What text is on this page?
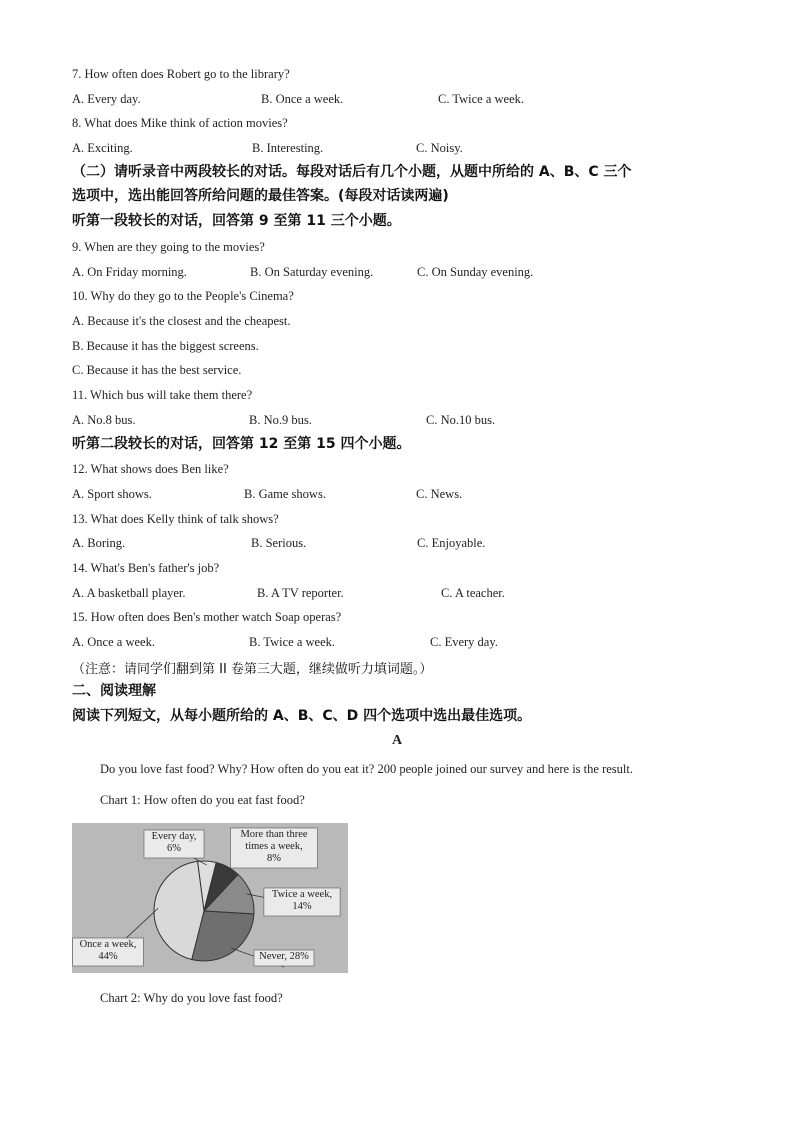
7. How often does Robert go to the library?
A. Every day.	B. Once a week.	C. Twice a week.
8. What does Mike think of action movies?
A. Exciting.	B. Interesting.	C. Noisy.
（二）请听录音中两段较长的对话。每段对话后有几个小题，从题中所给的 A、B、C 三个
选项中，选出能回答所给问题的最佳答案。(每段对话读两遍)
听第一段较长的对话，回答第 9 至第 11 三个小题。
9. When are they going to the movies?
A. On Friday morning.	B. On Saturday evening.	C. On Sunday evening.
10. Why do they go to the People's Cinema?
A. Because it's the closest and the cheapest.
B. Because it has the biggest screens.
C. Because it has the best service.
11. Which bus will take them there?
A. No.8 bus.	B. No.9 bus.	C. No.10 bus.
听第二段较长的对话，回答第 12 至第 15 四个小题。
12. What shows does Ben like?
A. Sport shows.	B. Game shows.	C. News.
13. What does Kelly think of talk shows?
A. Boring.	B. Serious.	C. Enjoyable.
14. What's Ben's father's job?
A. A basketball player.	B. A TV reporter.	C. A teacher.
15. How often does Ben's mother watch Soap operas?
A. Once a week.	B. Twice a week.	C. Every day.
（注意：请同学们翻到第 II 卷第三大题，继续做听力填词题。）
二、阅读理解
阅读下列短文，从每小题所给的 A、B、C、D 四个选项中选出最佳选项。
A
Do you love fast food? Why? How often do you eat it? 200 people joined our survey and here is the result.
Chart 1: How often do you eat fast food?
Every day,
6%
More than three
times a week,
8%
Twice a week,
14%
Never, 28%
Once a week,
44%
Chart 2: Why do you love fast food?
